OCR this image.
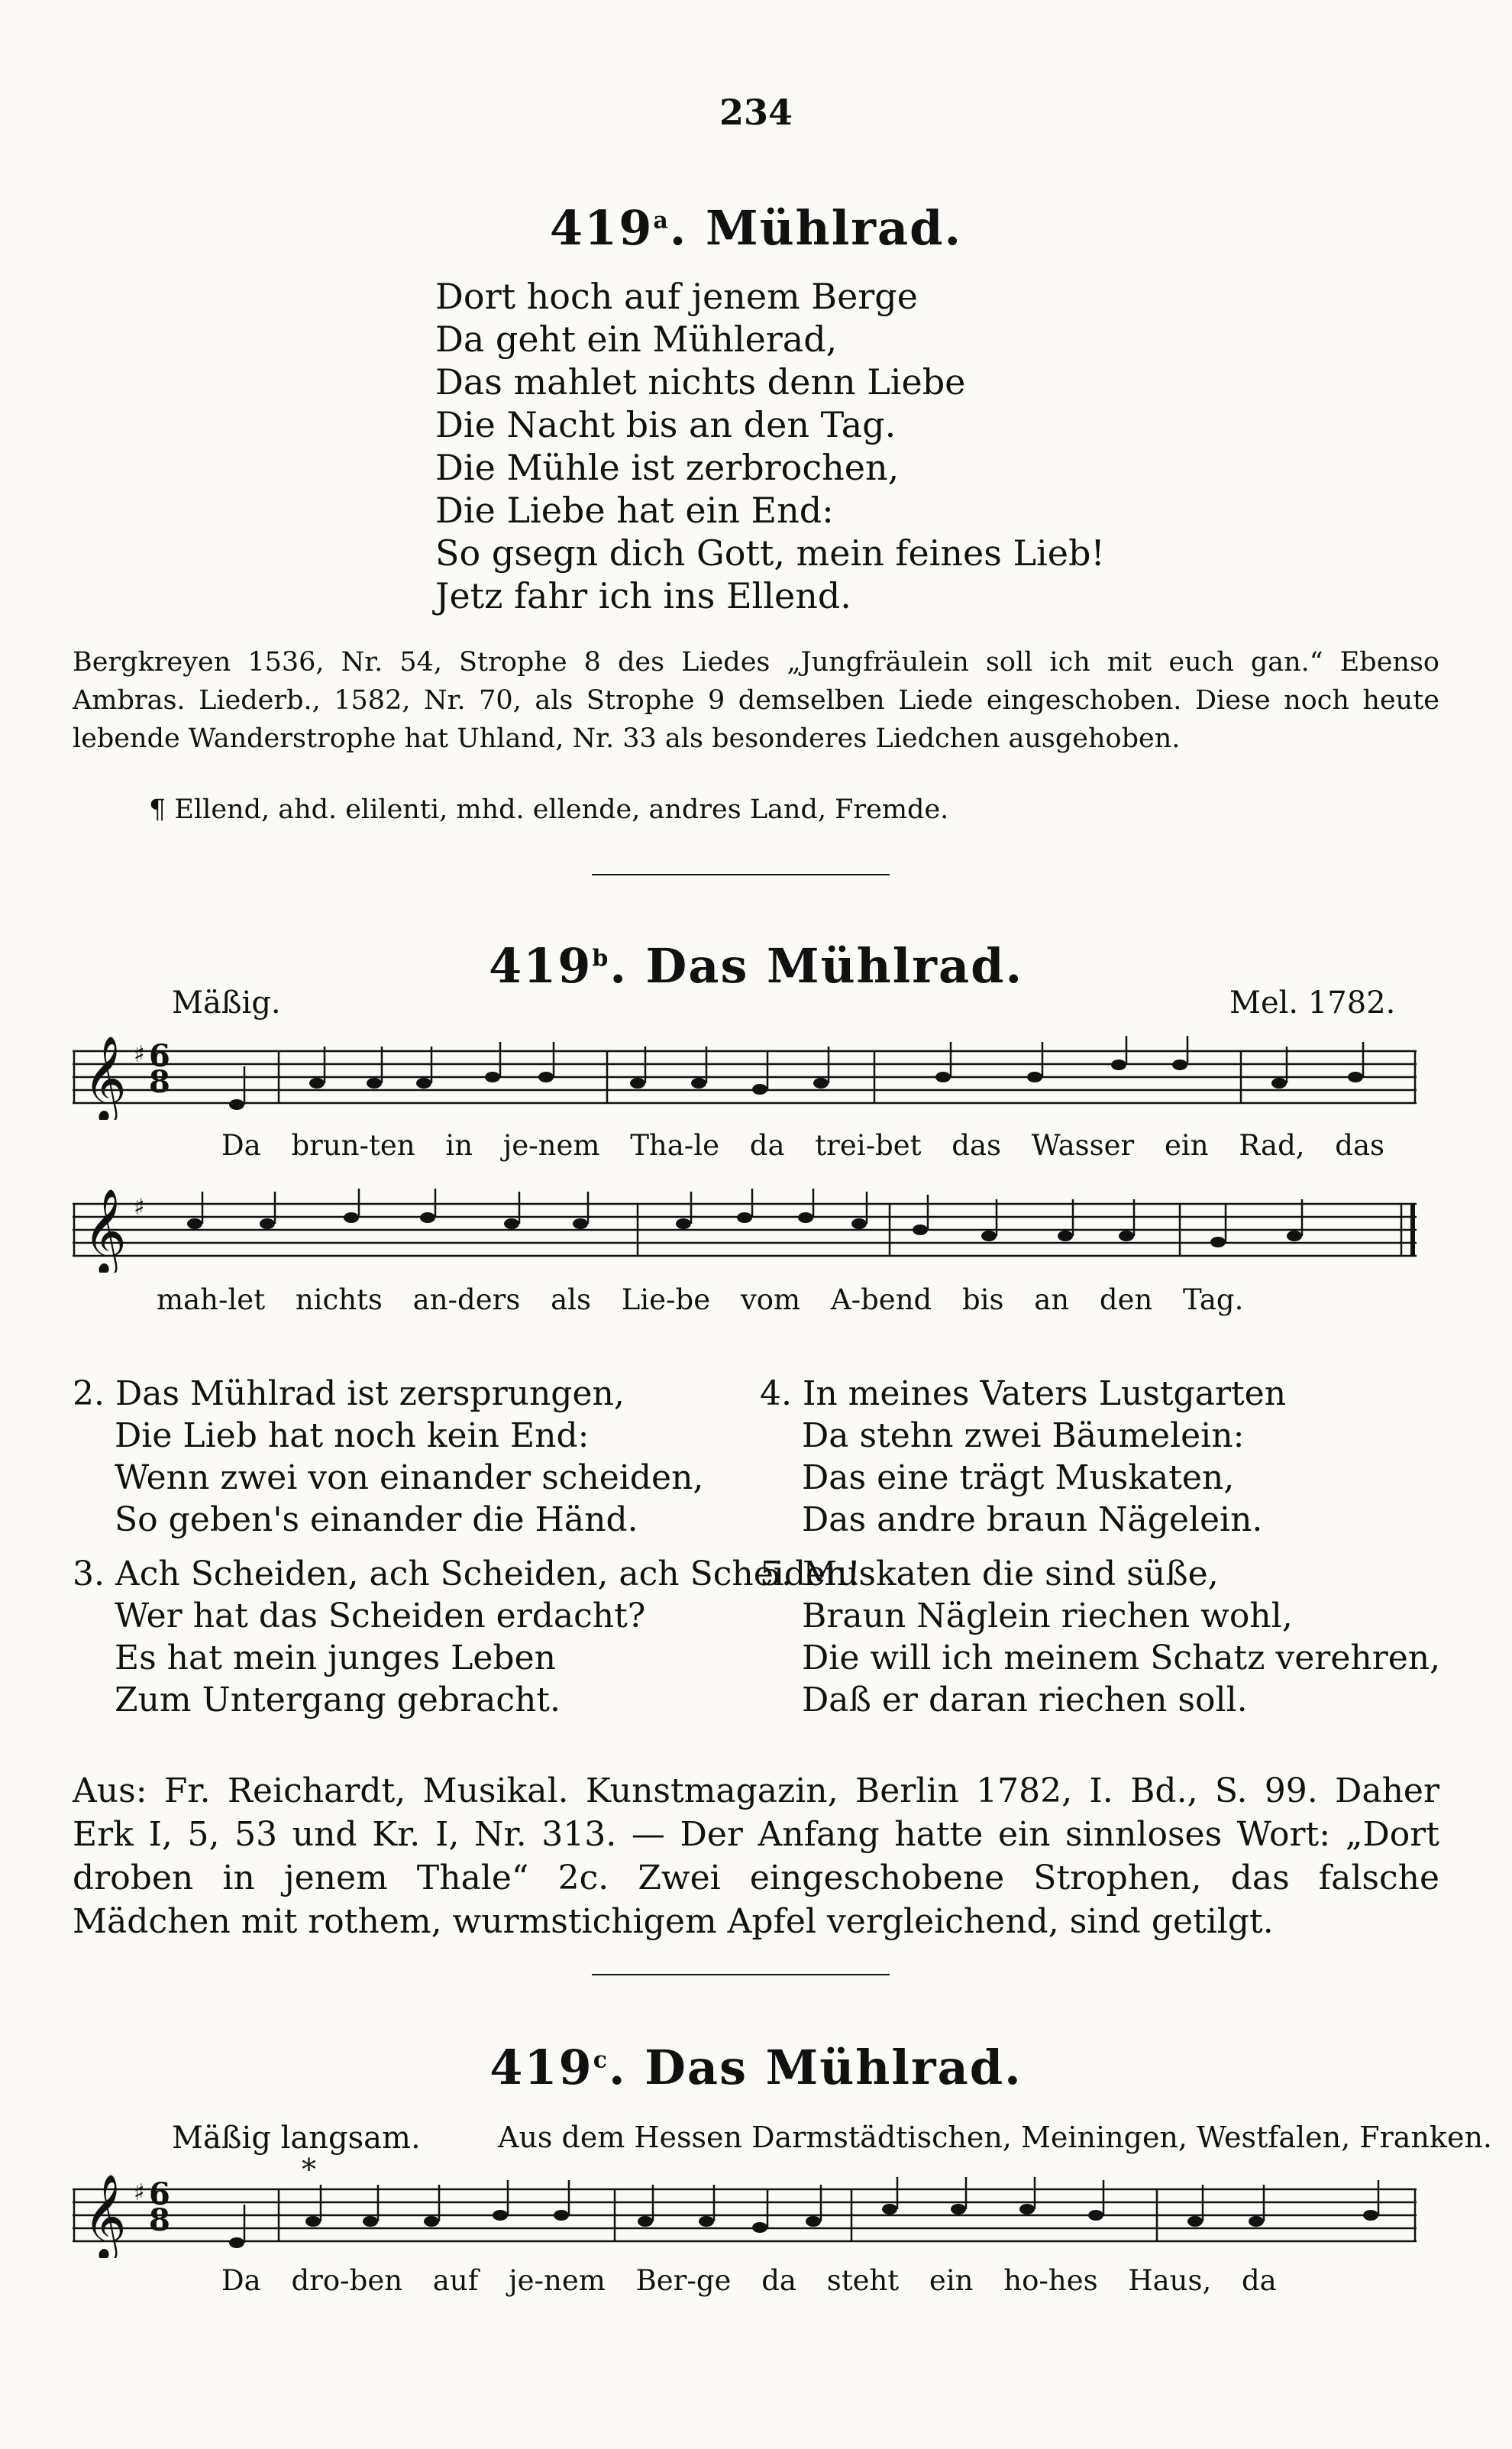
234
419$^a$. Mühlrad.
Dort hoch auf jenem Berge
Da geht ein Mühlerad,
Das mahlet nichts denn Liebe
Die Nacht bis an den Tag.
Die Mühle ist zerbrochen,
Die Liebe hat ein End:
So gsegn dich Gott, mein feines Lieb!
Jetz fahr ich ins Ellend.
Bergkreyen 1536, Nr. 54, Strophe 8 des Liedes „Jungfräulein soll ich mit euch gan.“ Ebenso Ambras. Liederb., 1582, Nr. 70, als Strophe 9 demselben Liede eingeschoben. Diese noch heute lebende Wanderstrophe hat Uhland, Nr. 33 als besonderes Liedchen ausgehoben.
¶ Ellend, ahd. elilenti, mhd. ellende, andres Land, Fremde.
419$^b$. Das Mühlrad.
Mäßig.	Mel. 1782.
𝄞 ♯ 6
8
Da brun-ten in je-nem Tha-le da trei-bet das Wasser ein Rad, das
𝄞 ♯
mah-let nichts an-ders als Lie-be vom A-bend bis an den Tag.
2. Das Mühlrad ist zersprungen,
Die Lieb hat noch kein End:
Wenn zwei von einander scheiden,
So geben's einander die Händ.
3. Ach Scheiden, ach Scheiden, ach Scheiden!
Wer hat das Scheiden erdacht?
Es hat mein junges Leben
Zum Untergang gebracht.
4. In meines Vaters Lustgarten
Da stehn zwei Bäumelein:
Das eine trägt Muskaten,
Das andre braun Nägelein.
5. Muskaten die sind süße,
Braun Näglein riechen wohl,
Die will ich meinem Schatz verehren,
Daß er daran riechen soll.
Aus: Fr. Reichardt, Musikal. Kunstmagazin, Berlin 1782, I. Bd., S. 99. Daher Erk I, 5, 53 und Kr. I, Nr. 313. — Der Anfang hatte ein sinnloses Wort: „Dort droben in jenem Thale“ 2c. Zwei eingeschobene Strophen, das falsche Mädchen mit rothem, wurmstichigem Apfel vergleichend, sind getilgt.
419$^c$. Das Mühlrad.
Mäßig langsam.	Aus dem Hessen Darmstädtischen, Meiningen, Westfalen, Franken.
*
𝄞 ♯ 6
8
Da dro-ben auf je-nem Ber-ge da steht ein ho-hes Haus, da
